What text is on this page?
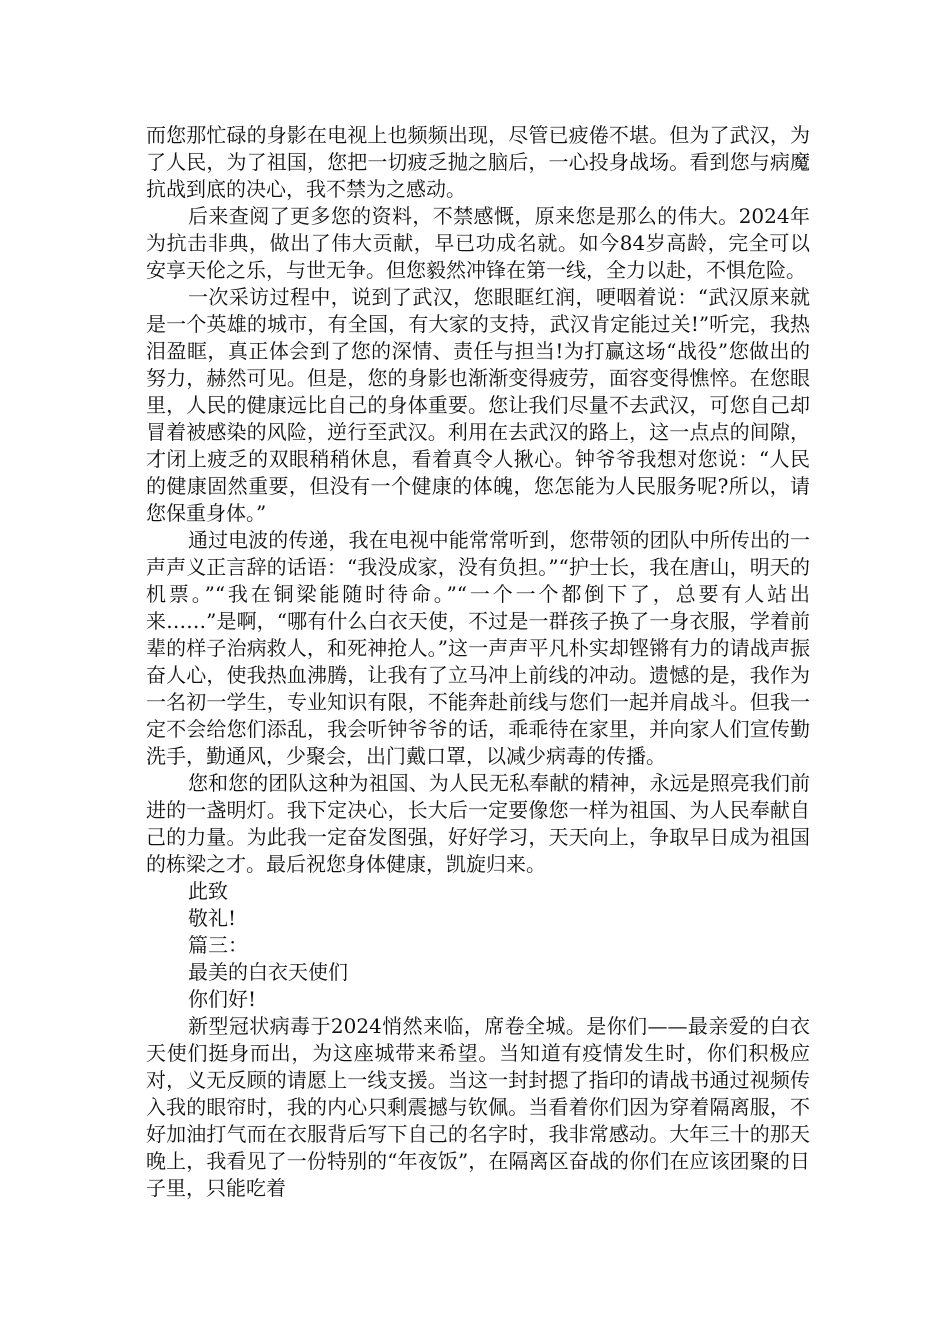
而您那忙碌的身影在电视上也频频出现，尽管已疲倦不堪。但为了武汉，为了人民，为了祖国，您把一切疲乏抛之脑后，一心投身战场。看到您与病魔抗战到底的决心，我不禁为之感动。

后来查阅了更多您的资料，不禁感慨，原来您是那么的伟大。2024年为抗击非典，做出了伟大贡献，早已功成名就。如今84岁高龄，完全可以安享天伦之乐，与世无争。但您毅然冲锋在第一线，全力以赴，不惧危险。

一次采访过程中，说到了武汉，您眼眶红润，哽咽着说：“武汉原来就是一个英雄的城市，有全国，有大家的支持，武汉肯定能过关!”听完，我热泪盈眶，真正体会到了您的深情、责任与担当!为打赢这场“战役”您做出的努力，赫然可见。但是，您的身影也渐渐变得疲劳，面容变得憔悴。在您眼里，人民的健康远比自己的身体重要。您让我们尽量不去武汉，可您自己却冒着被感染的风险，逆行至武汉。利用在去武汉的路上，这一点点的间隙，才闭上疲乏的双眼稍稍休息，看着真令人揪心。钟爷爷我想对您说：“人民的健康固然重要，但没有一个健康的体魄，您怎能为人民服务呢?所以，请您保重身体。”

通过电波的传递，我在电视中能常常听到，您带领的团队中所传出的一声声义正言辞的话语：“我没成家，没有负担。”“护士长，我在唐山，明天的机票。”“我在铜梁能随时待命。”“一个一个都倒下了，总要有人站出来……”是啊，“哪有什么白衣天使，不过是一群孩子换了一身衣服，学着前辈的样子治病救人，和死神抢人。”这一声声平凡朴实却铿锵有力的请战声振奋人心，使我热血沸腾，让我有了立马冲上前线的冲动。遗憾的是，我作为一名初一学生，专业知识有限，不能奔赴前线与您们一起并肩战斗。但我一定不会给您们添乱，我会听钟爷爷的话，乖乖待在家里，并向家人们宣传勤洗手，勤通风，少聚会，出门戴口罩，以减少病毒的传播。

您和您的团队这种为祖国、为人民无私奉献的精神，永远是照亮我们前进的一盏明灯。我下定决心，长大后一定要像您一样为祖国、为人民奉献自己的力量。为此我一定奋发图强，好好学习，天天向上，争取早日成为祖国的栋梁之才。最后祝您身体健康，凯旋归来。

此致

敬礼!

篇三：

最美的白衣天使们

你们好!

新型冠状病毒于2024悄然来临，席卷全城。是你们——最亲爱的白衣天使们挺身而出，为这座城带来希望。当知道有疫情发生时，你们积极应对，义无反顾的请愿上一线支援。当这一封封摁了指印的请战书通过视频传入我的眼帘时，我的内心只剩震撼与钦佩。当看着你们因为穿着隔离服，不好加油打气而在衣服背后写下自己的名字时，我非常感动。大年三十的那天晚上，我看见了一份特别的“年夜饭”，在隔离区奋战的你们在应该团聚的日子里，只能吃着
